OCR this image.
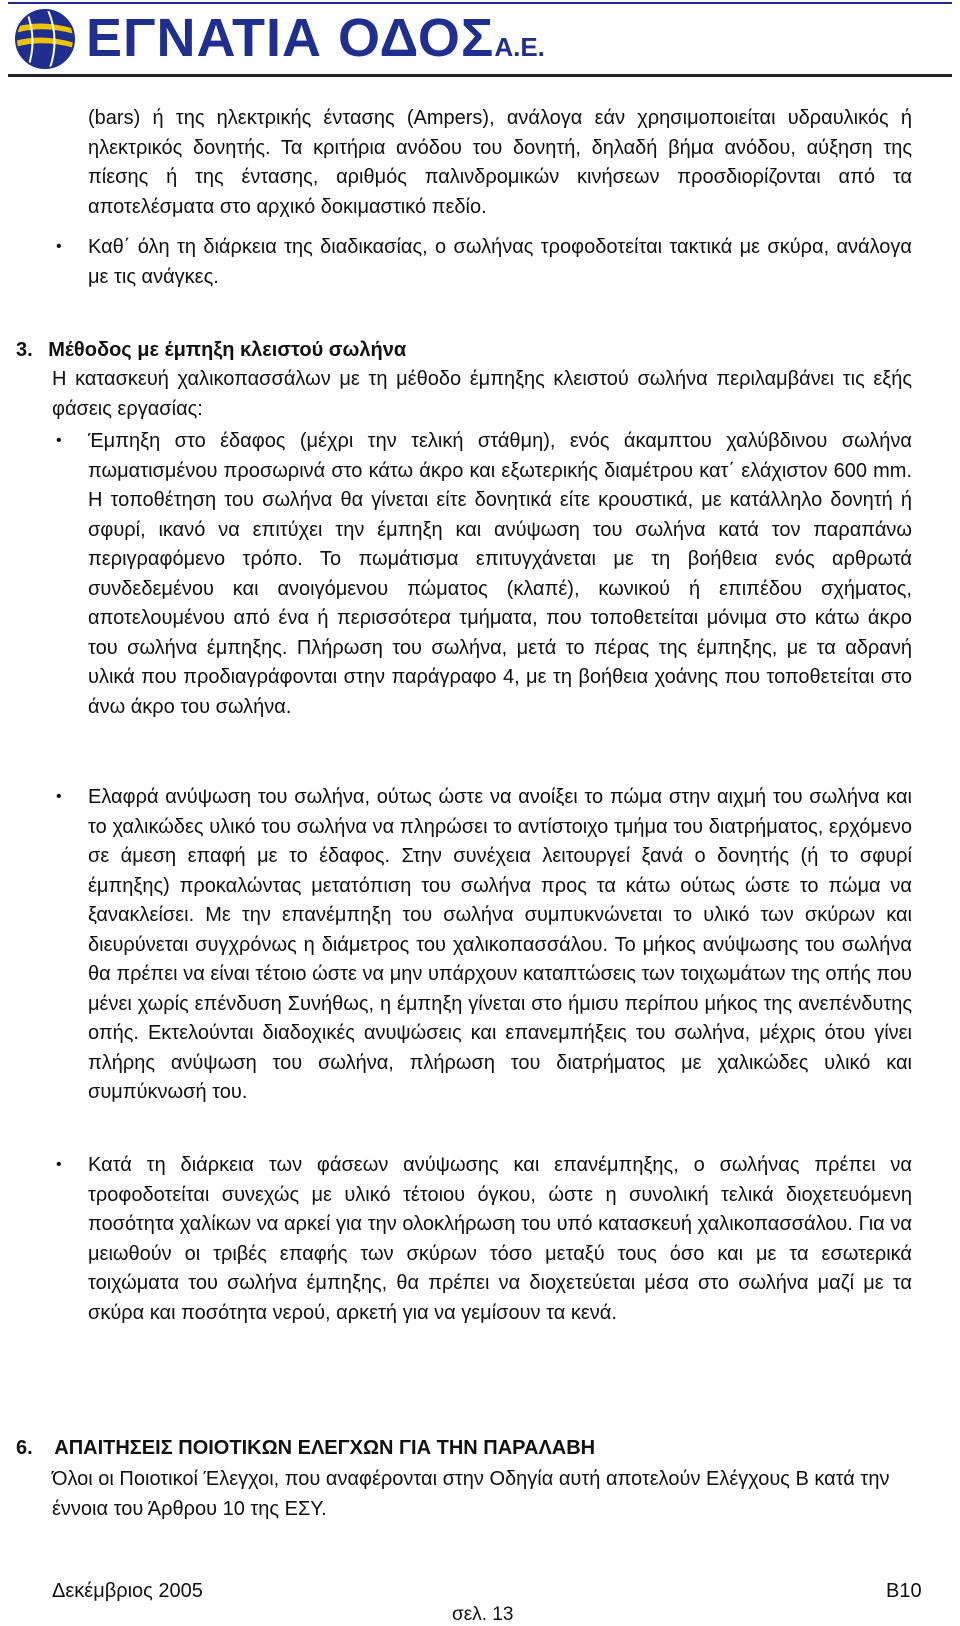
ΕΓΝΑΤΙΑ ΟΔΟΣΑ.Ε.

(bars) ή της ηλεκτρικής έντασης (Ampers), ανάλογα εάν χρησιμοποιείται υδραυλικός ή ηλεκτρικός δονητής. Τα κριτήρια ανόδου του δονητή, δηλαδή βήμα ανόδου, αύξηση της πίεσης ή της έντασης, αριθμός παλινδρομικών κινήσεων προσδιορίζονται από τα αποτελέσματα στο αρχικό δοκιμαστικό πεδίο.

• Καθ΄ όλη τη διάρκεια της διαδικασίας, ο σωλήνας τροφοδοτείται τακτικά με σκύρα, ανάλογα με τις ανάγκες.

3. Μέθοδος με έμπηξη κλειστού σωλήνα

Η κατασκευή χαλικοπασσάλων με τη μέθοδο έμπηξης κλειστού σωλήνα περιλαμβάνει τις εξής φάσεις εργασίας:

• Έμπηξη στο έδαφος (μέχρι την τελική στάθμη), ενός άκαμπτου χαλύβδινου σωλήνα πωματισμένου προσωρινά στο κάτω άκρο και εξωτερικής διαμέτρου κατ΄ ελάχιστον 600 mm. Η τοποθέτηση του σωλήνα θα γίνεται είτε δονητικά είτε κρουστικά, με κατάλληλο δονητή ή σφυρί, ικανό να επιτύχει την έμπηξη και ανύψωση του σωλήνα κατά τον παραπάνω περιγραφόμενο τρόπο. Το πωμάτισμα επιτυγχάνεται με τη βοήθεια ενός αρθρωτά συνδεδεμένου και ανοιγόμενου πώματος (κλαπέ), κωνικού ή επιπέδου σχήματος, αποτελουμένου από ένα ή περισσότερα τμήματα, που τοποθετείται μόνιμα στο κάτω άκρο του σωλήνα έμπηξης. Πλήρωση του σωλήνα, μετά το πέρας της έμπηξης, με τα αδρανή υλικά που προδιαγράφονται στην παράγραφο 4, με τη βοήθεια χοάνης που τοποθετείται στο άνω άκρο του σωλήνα.

• Ελαφρά ανύψωση του σωλήνα, ούτως ώστε να ανοίξει το πώμα στην αιχμή του σωλήνα και το χαλικώδες υλικό του σωλήνα να πληρώσει το αντίστοιχο τμήμα του διατρήματος, ερχόμενο σε άμεση επαφή με το έδαφος. Στην συνέχεια λειτουργεί ξανά ο δονητής (ή το σφυρί έμπηξης) προκαλώντας μετατόπιση του σωλήνα προς τα κάτω ούτως ώστε το πώμα να ξανακλείσει. Με την επανέμπηξη του σωλήνα συμπυκνώνεται το υλικό των σκύρων και διευρύνεται συγχρόνως η διάμετρος του χαλικοπασσάλου. Το μήκος ανύψωσης του σωλήνα θα πρέπει να είναι τέτοιο ώστε να μην υπάρχουν καταπτώσεις των τοιχωμάτων της οπής που μένει χωρίς επένδυση Συνήθως, η έμπηξη γίνεται στο ήμισυ περίπου μήκος της ανεπένδυτης οπής. Εκτελούνται διαδοχικές ανυψώσεις και επανεμπήξεις του σωλήνα, μέχρις ότου γίνει πλήρης ανύψωση του σωλήνα, πλήρωση του διατρήματος με χαλικώδες υλικό και συμπύκνωσή του.

• Κατά τη διάρκεια των φάσεων ανύψωσης και επανέμπηξης, ο σωλήνας πρέπει να τροφοδοτείται συνεχώς με υλικό τέτοιου όγκου, ώστε η συνολική τελικά διοχετευόμενη ποσότητα χαλίκων να αρκεί για την ολοκλήρωση του υπό κατασκευή χαλικοπασσάλου. Για να μειωθούν οι τριβές επαφής των σκύρων τόσο μεταξύ τους όσο και με τα εσωτερικά τοιχώματα του σωλήνα έμπηξης, θα πρέπει να διοχετεύεται μέσα στο σωλήνα μαζί με τα σκύρα και ποσότητα νερού, αρκετή για να γεμίσουν τα κενά.

6. ΑΠΑΙΤΗΣΕΙΣ ΠΟΙΟΤΙΚΩΝ ΕΛΕΓΧΩΝ ΓΙΑ ΤΗΝ ΠΑΡΑΛΑΒΗ

Όλοι οι Ποιοτικοί Έλεγχοι, που αναφέρονται στην Οδηγία αυτή αποτελούν Ελέγχους Β κατά την έννοια του Άρθρου 10 της ΕΣΥ.

Δεκέμβριος 2005	Β10
σελ. 13
